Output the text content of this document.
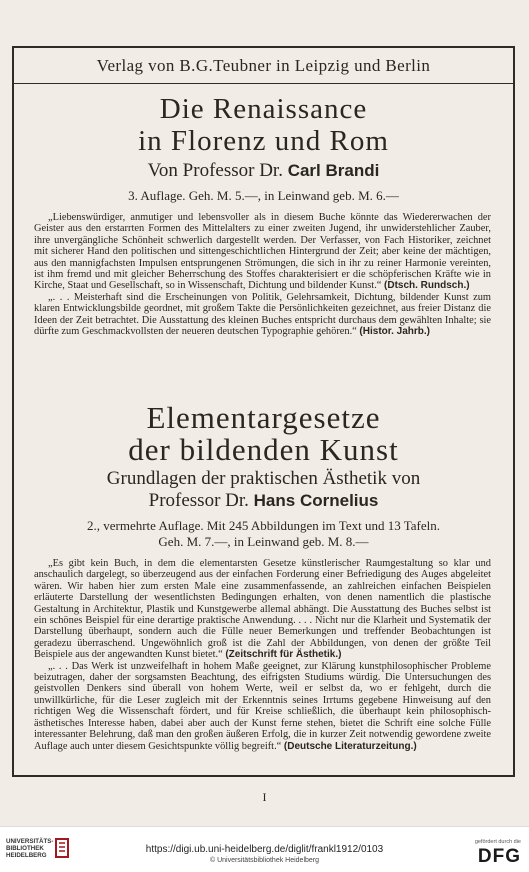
Verlag von B.G.Teubner in Leipzig und Berlin
Die Renaissance
in Florenz und Rom
Von Professor Dr. Carl Brandi
3. Auflage. Geh. M. 5.—, in Leinwand geb. M. 6.—

„Liebenswürdiger, anmutiger und lebensvoller als in diesem Buche könnte das Wiedererwachen der Geister aus den erstarrten Formen des Mittelalters zu einer zweiten Jugend, ihr unwiderstehlicher Zauber, ihre unvergängliche Schönheit schwerlich dargestellt werden. Der Verfasser, von Fach Historiker, zeichnet mit sicherer Hand den politischen und sittengeschichtlichen Hintergrund der Zeit; aber keine der mächtigen, aus den mannigfachsten Impulsen entsprungenen Strömungen, die sich in ihr zu reiner Harmonie vereinten, ist ihm fremd und mit gleicher Beherrschung des Stoffes charakterisiert er die schöpferischen Kräfte wie in Kirche, Staat und Gesellschaft, so in Wissenschaft, Dichtung und bildender Kunst.“ (Dtsch. Rundsch.)

„. . . Meisterhaft sind die Erscheinungen von Politik, Gelehrsamkeit, Dichtung, bildender Kunst zum klaren Entwicklungsbilde geordnet, mit großem Takte die Persönlichkeiten gezeichnet, aus freier Distanz die Ideen der Zeit betrachtet. Die Ausstattung des kleinen Buches entspricht durchaus dem gewählten Inhalte; sie dürfte zum Geschmackvollsten der neueren deutschen Typographie gehören.“ (Histor. Jahrb.)

Elementargesetze
der bildenden Kunst
Grundlagen der praktischen Ästhetik von
Professor Dr. Hans Cornelius
2., vermehrte Auflage. Mit 245 Abbildungen im Text und 13 Tafeln.
Geh. M. 7.—, in Leinwand geb. M. 8.—

„Es gibt kein Buch, in dem die elementarsten Gesetze künstlerischer Raumgestaltung so klar und anschaulich dargelegt, so überzeugend aus der einfachen Forderung einer Befriedigung des Auges abgeleitet wären. Wir haben hier zum ersten Male eine zusammenfassende, an zahlreichen einfachen Beispielen erläuterte Darstellung der wesentlichsten Bedingungen erhalten, von denen namentlich die plastische Gestaltung in Architektur, Plastik und Kunstgewerbe allemal abhängt. Die Ausstattung des Buches selbst ist ein schönes Beispiel für eine derartige praktische Anwendung. . . . Nicht nur die Klarheit und Systematik der Darstellung überhaupt, sondern auch die Fülle neuer Bemerkungen und treffender Beobachtungen ist geradezu überraschend. Ungewöhnlich groß ist die Zahl der Abbildungen, von denen der größte Teil Beispiele aus der angewandten Kunst bietet.“ (Zeitschrift für Ästhetik.)

„. . . Das Werk ist unzweifelhaft in hohem Maße geeignet, zur Klärung kunstphilosophischer Probleme beizutragen, daher der sorgsamsten Beachtung, des eifrigsten Studiums würdig. Die Untersuchungen des geistvollen Denkers sind überall von hohem Werte, weil er selbst da, wo er fehlgeht, durch die unwillkürliche, für die Leser zugleich mit der Erkenntnis seines Irrtums gegebene Hinweisung auf den richtigen Weg die Wissenschaft fördert, und für Kreise schließlich, die überhaupt kein philosophisch-ästhetisches Interesse haben, dabei aber auch der Kunst ferne stehen, bietet die Schrift eine solche Fülle interessanter Belehrung, daß man den großen äußeren Erfolg, die in kurzer Zeit notwendig gewordene zweite Auflage auch unter diesem Gesichtspunkte völlig begreift.“ (Deutsche Literaturzeitung.)

I
UNIVERSITÄTS-
BIBLIOTHEK
HEIDELBERG
https://digi.ub.uni-heidelberg.de/diglit/frankl1912/0103
© Universitätsbibliothek Heidelberg
gefördert durch die
DFG
